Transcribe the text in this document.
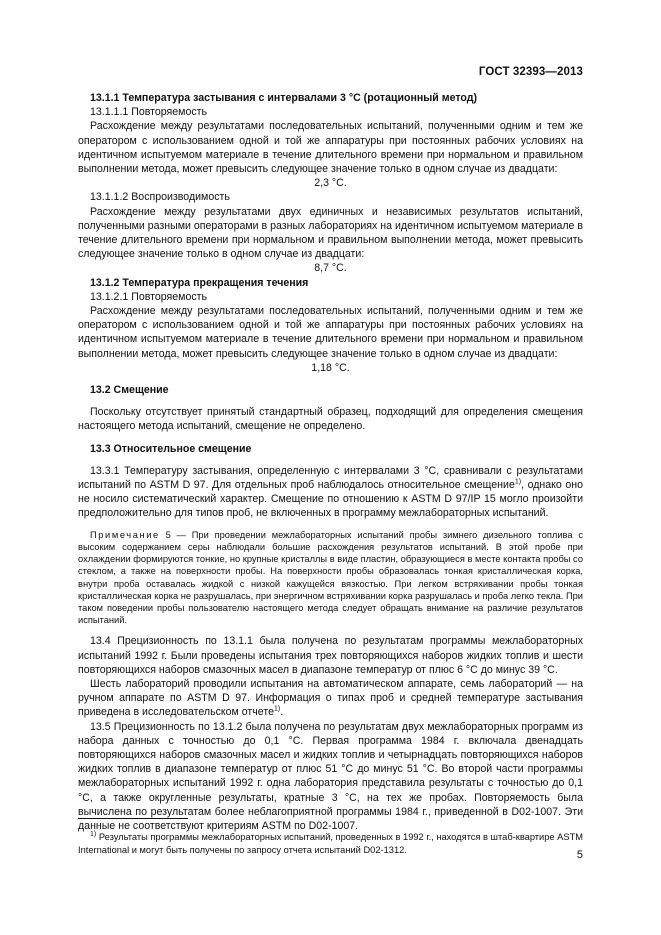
ГОСТ 32393—2013

13.1.1 Температура застывания с интервалами 3 °С (ротационный метод)

13.1.1.1 Повторяемость

Расхождение между результатами последовательных испытаний, полученными одним и тем же оператором с использованием одной и той же аппаратуры при постоянных рабочих условиях на идентичном испытуемом материале в течение длительного времени при нормальном и правильном выполнении метода, может превысить следующее значение только в одном случае из двадцати:

2,3 °С.

13.1.1.2 Воспроизводимость

Расхождение между результатами двух единичных и независимых результатов испытаний, полученными разными операторами в разных лабораториях на идентичном испытуемом материале в течение длительного времени при нормальном и правильном выполнении метода, может превысить следующее значение только в одном случае из двадцати:

8,7 °С.

13.1.2 Температура прекращения течения

13.1.2.1 Повторяемость

Расхождение между результатами последовательных испытаний, полученными одним и тем же оператором с использованием одной и той же аппаратуры при постоянных рабочих условиях на идентичном испытуемом материале в течение длительного времени при нормальном и правильном выполнении метода, может превысить следующее значение только в одном случае из двадцати:

1,18 °С.

13.2 Смещение

Поскольку отсутствует принятый стандартный образец, подходящий для определения смещения настоящего метода испытаний, смещение не определено.

13.3 Относительное смещение

13.3.1 Температуру застывания, определенную с интервалами 3 °С, сравнивали с результатами испытаний по ASTM D 97. Для отдельных проб наблюдалось относительное смещение$^{1)}$, однако оно не носило систематический характер. Смещение по отношению к ASTM D 97/IP 15 могло произойти предположительно для типов проб, не включенных в программу межлабораторных испытаний.

Примечание 5 — При проведении межлабораторных испытаний пробы зимнего дизельного топлива с высоким содержанием серы наблюдали большие расхождения результатов испытаний. В этой пробе при охлаждении формируются тонкие, но крупные кристаллы в виде пластин, образующиеся в месте контакта пробы со стеклом, а также на поверхности пробы. На поверхности пробы образовалась тонкая кристаллическая корка, внутри проба оставалась жидкой с низкой кажущейся вязкостью. При легком встряхивании пробы тонкая кристаллическая корка не разрушалась, при энергичном встряхивании корка разрушалась и проба легко текла. При таком поведении пробы пользователю настоящего метода следует обращать внимание на различие результатов испытаний.

13.4 Прецизионность по 13.1.1 была получена по результатам программы межлабораторных испытаний 1992 г. Были проведены испытания трех повторяющихся наборов жидких топлив и шести повторяющихся наборов смазочных масел в диапазоне температур от плюс 6 °С до минус 39 °С.

Шесть лабораторий проводили испытания на автоматическом аппарате, семь лабораторий — на ручном аппарате по ASTM D 97. Информация о типах проб и средней температуре застывания приведена в исследовательском отчете$^{1)}$.

13.5 Прецизионность по 13.1.2 была получена по результатам двух межлабораторных программ из набора данных с точностью до 0,1 °С. Первая программа 1984 г. включала двенадцать повторяющихся наборов смазочных масел и жидких топлив и четырнадцать повторяющихся наборов жидких топлив в диапазоне температур от плюс 51 °С до минус 51 °С. Во второй части программы межлабораторных испытаний 1992 г. одна лаборатория представила результаты с точностью до 0,1 °С, а также округленные результаты, кратные 3 °С, на тех же пробах. Повторяемость была вычислена по результатам более неблагоприятной программы 1984 г., приведенной в D02-1007. Эти данные не соответствуют критериям ASTM по D02-1007.

$^{1)}$ Результаты программы межлабораторных испытаний, проведенных в 1992 г., находятся в штаб-квартире ASTM International и могут быть получены по запросу отчета испытаний D02-1312.	5
